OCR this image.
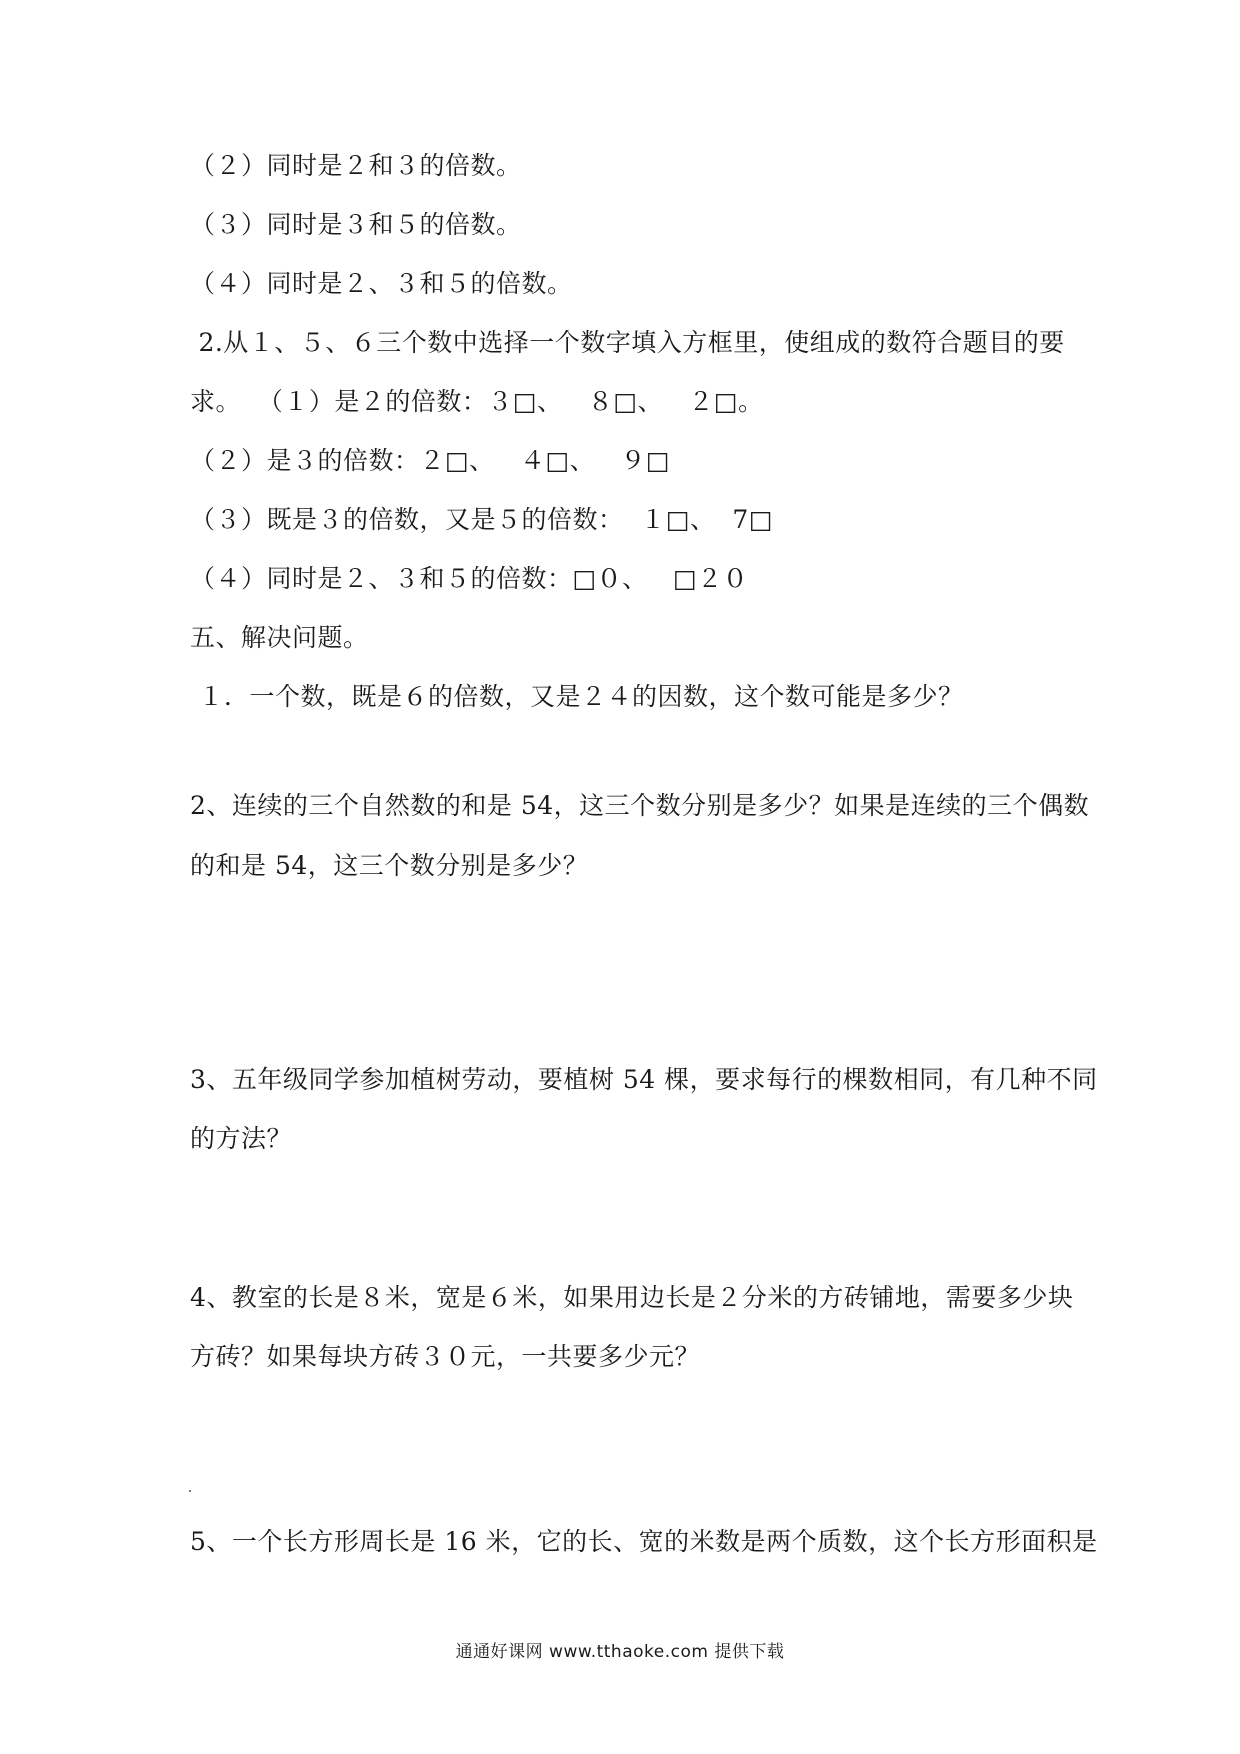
（２）同时是２和３的倍数。
（３）同时是３和５的倍数。
（４）同时是２、３和５的倍数。
2.从１、５、６三个数中选择一个数字填入方框里，使组成的数符合题目的要
求。  （１）是２的倍数：３□、   ８□、   ２□。
（２）是３的倍数：２□、   ４□、   ９□
（３）既是３的倍数，又是５的倍数：  １□、  7□
（４）同时是２、３和５的倍数：□０、   □２０
五、解决问题。
１．一个数，既是６的倍数，又是２４的因数，这个数可能是多少？
2、连续的三个自然数的和是 54，这三个数分别是多少？如果是连续的三个偶数
的和是 54，这三个数分别是多少？
3、五年级同学参加植树劳动，要植树 54 棵，要求每行的棵数相同，有几种不同
的方法？
4、教室的长是８米，宽是６米，如果用边长是２分米的方砖铺地，需要多少块
方砖？如果每块方砖３０元，一共要多少元？
5、一个长方形周长是 16 米，它的长、宽的米数是两个质数，这个长方形面积是
通通好课网 www.tthaoke.com 提供下载
